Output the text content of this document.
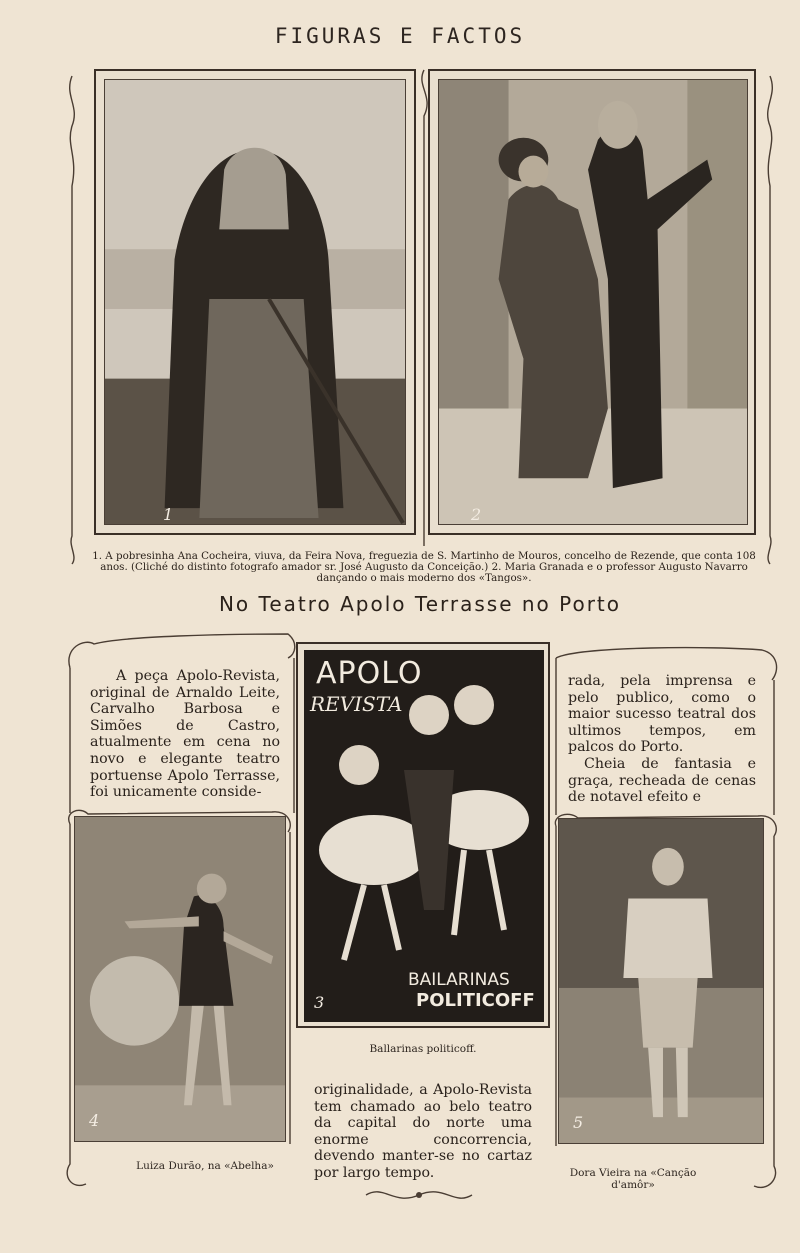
FIGURAS E FACTOS
1	2
1. A pobresinha Ana Cocheira, viuva, da Feira Nova, freguezia de S. Martinho de Mouros, concelho de Rezende, que conta 108 anos. (Cliché do distinto fotografo amador sr. José Augusto da Conceição.) 2. Maria Granada e o professor Augusto Navarro dançando o mais moderno dos «Tangos».
No Teatro Apolo Terrasse no Porto
A peça Apolo-Revista, original de Arnaldo Leite, Carvalho Barbosa e Simões de Castro, atualmente em cena no novo e elegante teatro portuense Apolo Terrasse, foi unicamente conside-
rada, pela imprensa e pelo publico, como o maior sucesso teatral dos ultimos tempos, em palcos do Porto.
Cheia de fantasia e graça, recheada de cenas de notavel efeito e
APOLO
REVISTA
BAILARINAS
POLITICOFF
3
Ballarinas politicoff.
4
Luiza Durão, na «Abelha»
5
Dora Vieira na «Canção d'amôr»
originalidade, a Apolo-Revista tem chamado ao belo teatro da capital do norte uma enorme concorrencia, devendo manter-se no cartaz por largo tempo.
